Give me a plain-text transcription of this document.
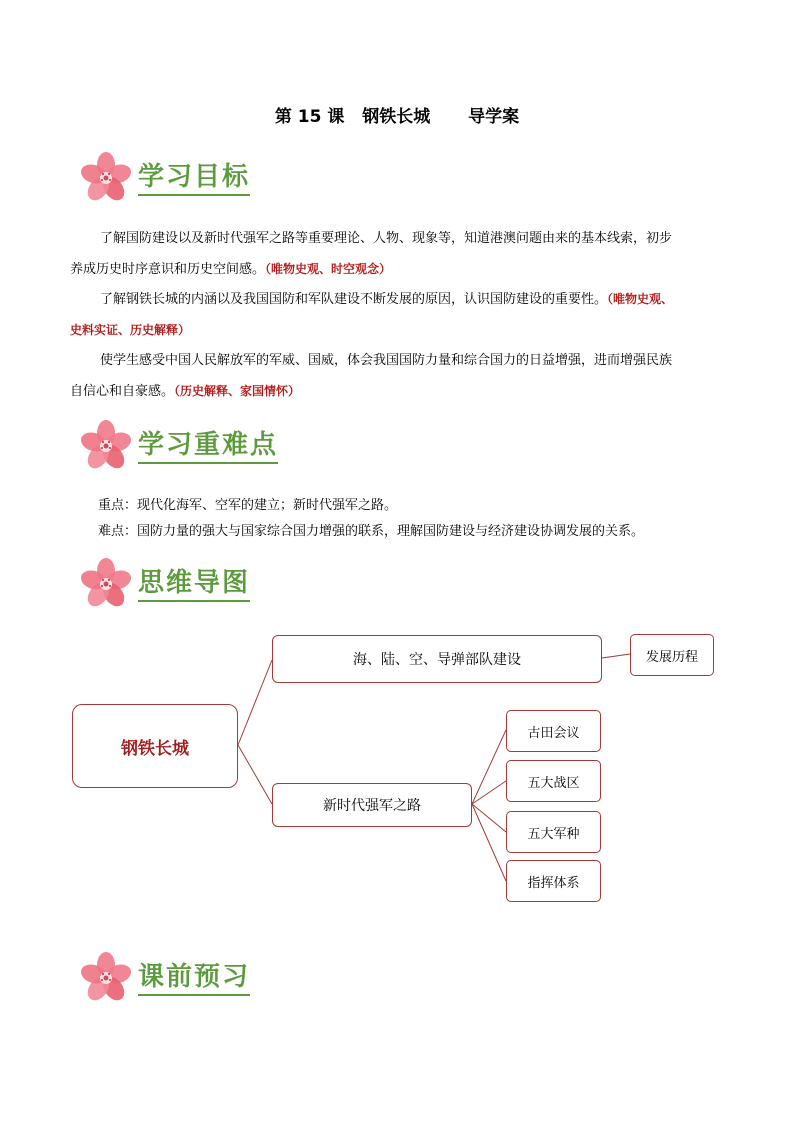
第 15 课 钢铁长城 导学案
学习目标
了解国防建设以及新时代强军之路等重要理论、人物、现象等，知道港澳问题由来的基本线索，初步
养成历史时序意识和历史空间感。（唯物史观、时空观念）
了解钢铁长城的内涵以及我国国防和军队建设不断发展的原因，认识国防建设的重要性。（唯物史观、
史料实证、历史解释）
使学生感受中国人民解放军的军威、国威，体会我国国防力量和综合国力的日益增强，进而增强民族
自信心和自豪感。（历史解释、家国情怀）
学习重难点
重点：现代化海军、空军的建立；新时代强军之路。
难点：国防力量的强大与国家综合国力增强的联系，理解国防建设与经济建设协调发展的关系。
思维导图
钢铁长城
海、陆、空、导弹部队建设	发展历程
新时代强军之路
古田会议
五大战区
五大军种
指挥体系
课前预习
